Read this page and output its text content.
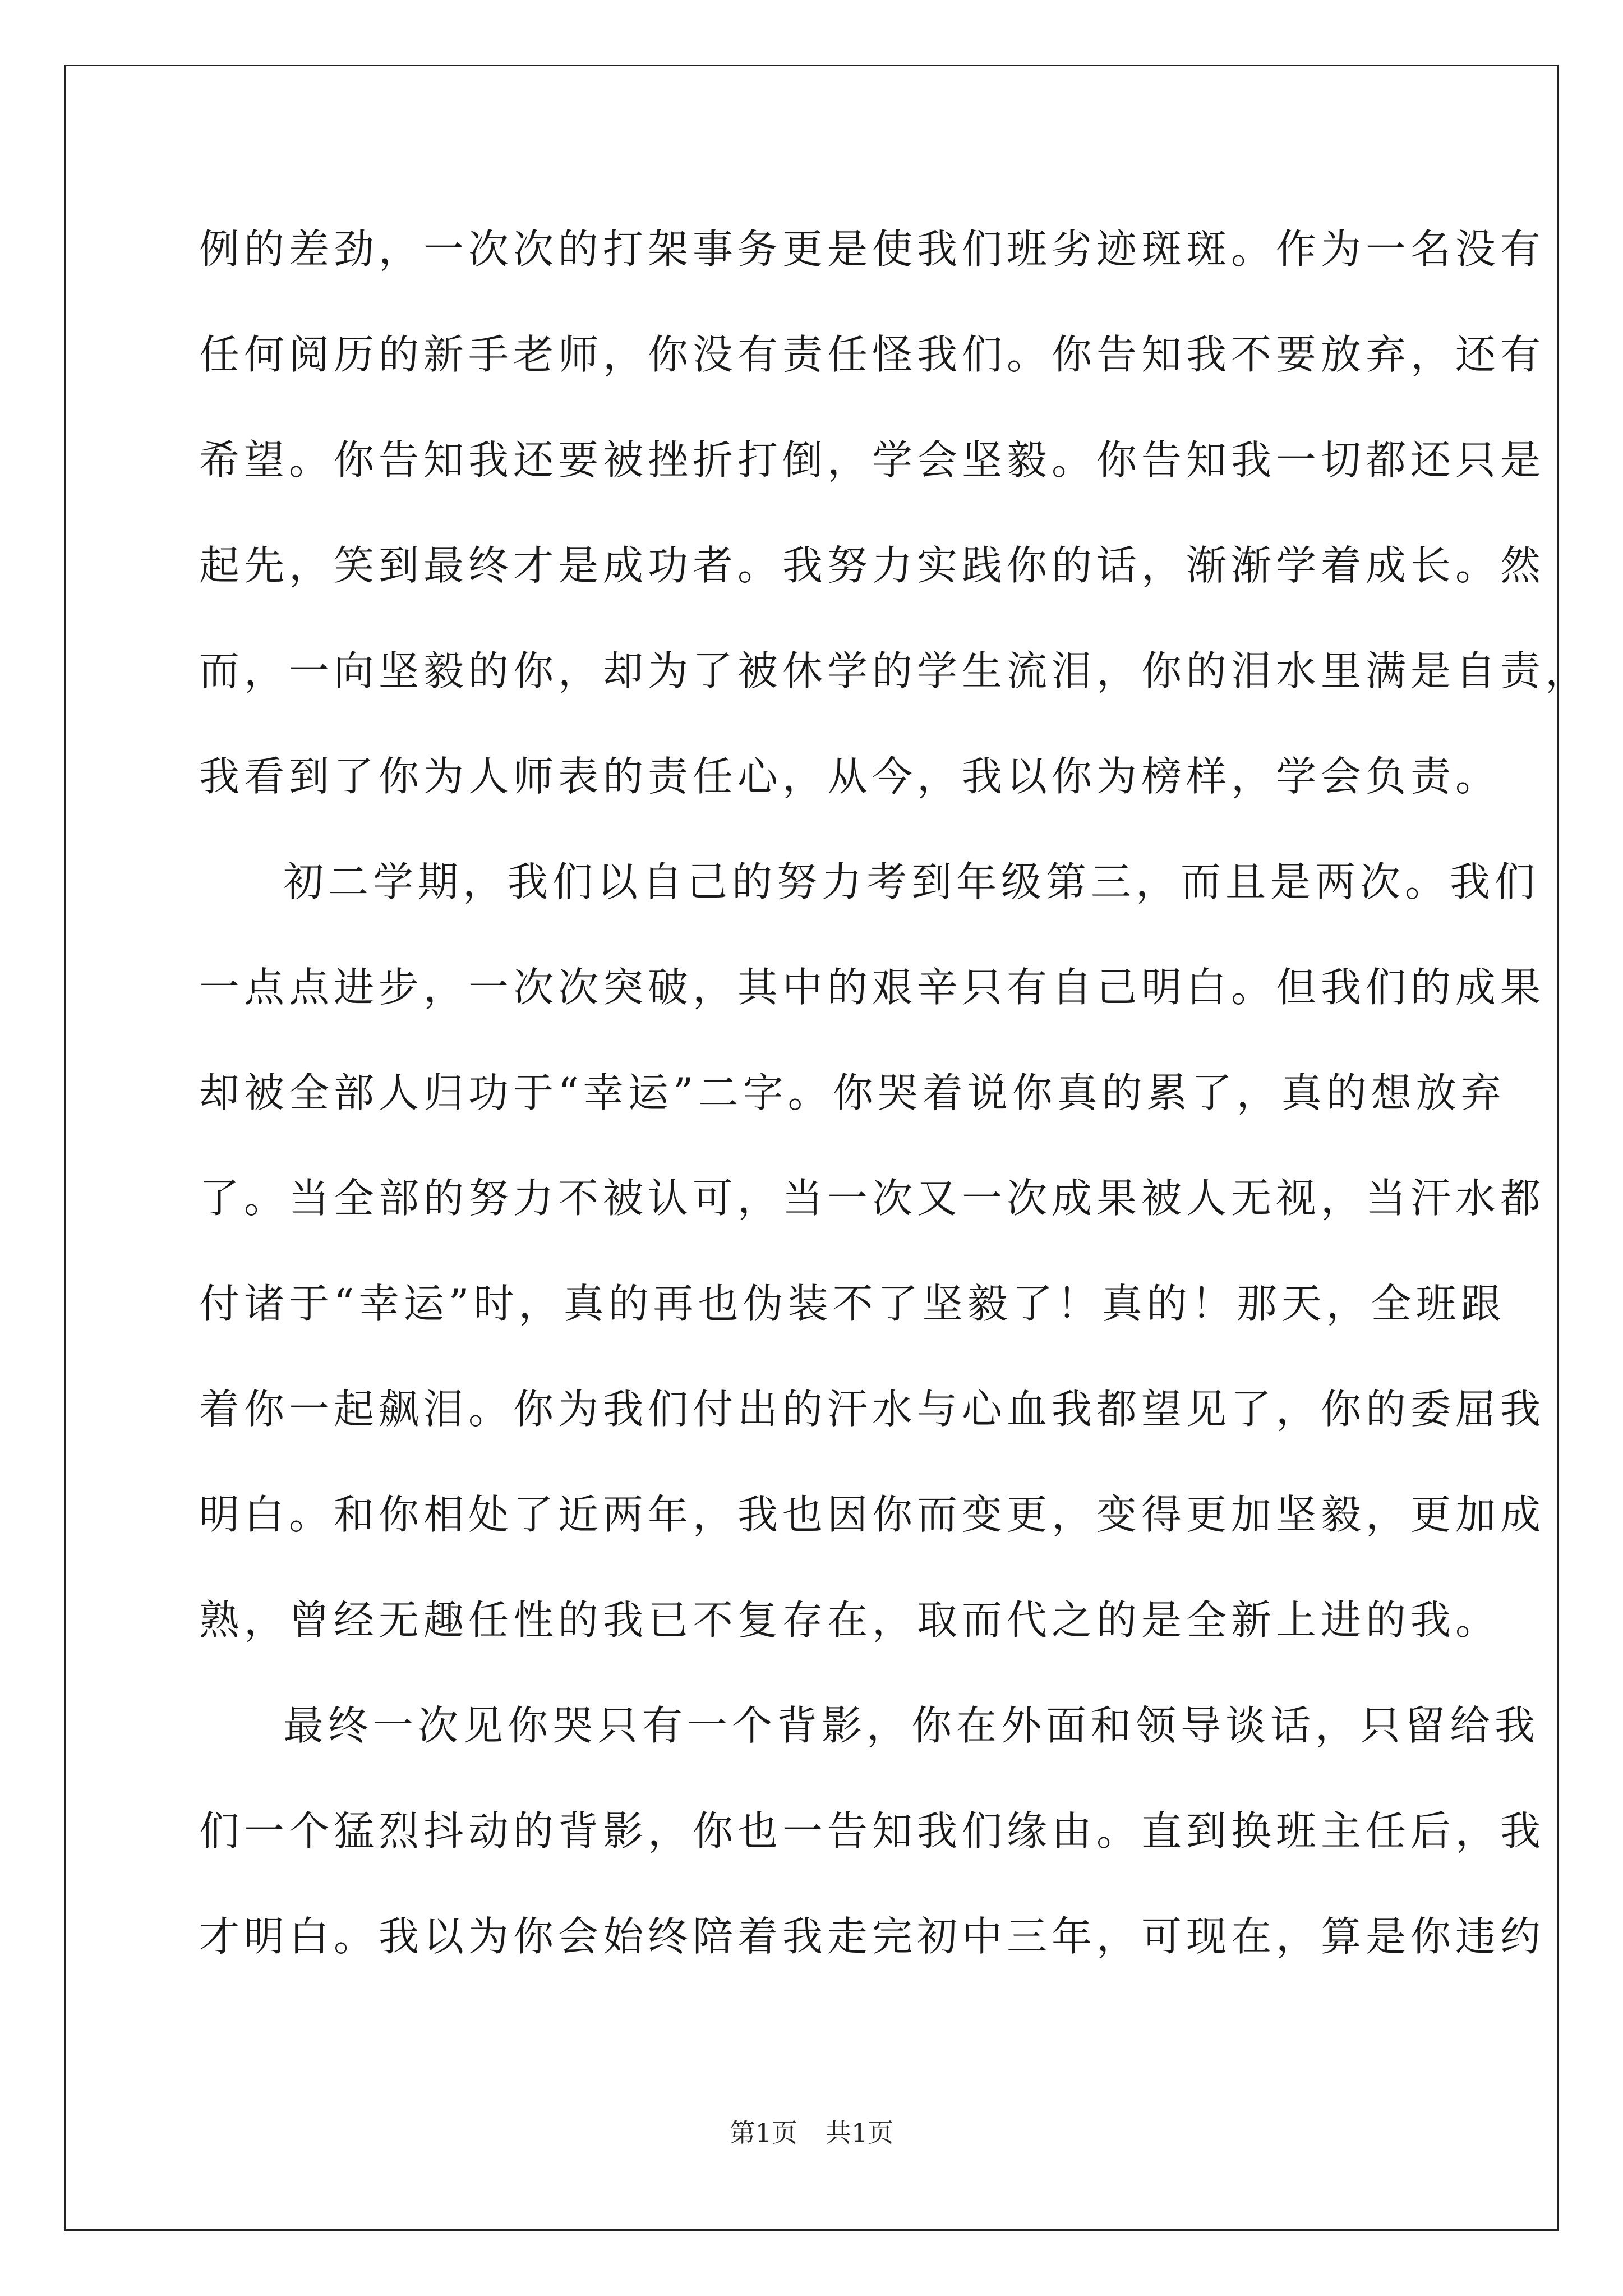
例的差劲，一次次的打架事务更是使我们班劣迹斑斑。作为一名没有
任何阅历的新手老师，你没有责任怪我们。你告知我不要放弃，还有
希望。你告知我还要被挫折打倒，学会坚毅。你告知我一切都还只是
起先，笑到最终才是成功者。我努力实践你的话，渐渐学着成长。然
而，一向坚毅的你，却为了被休学的学生流泪，你的泪水里满是自责，
我看到了你为人师表的责任心，从今，我以你为榜样，学会负责。
初二学期，我们以自己的努力考到年级第三，而且是两次。我们
一点点进步，一次次突破，其中的艰辛只有自己明白。但我们的成果
却被全部人归功于“幸运”二字。你哭着说你真的累了，真的想放弃
了。当全部的努力不被认可，当一次又一次成果被人无视，当汗水都
付诸于“幸运”时，真的再也伪装不了坚毅了！真的！那天，全班跟
着你一起飙泪。你为我们付出的汗水与心血我都望见了，你的委屈我
明白。和你相处了近两年，我也因你而变更，变得更加坚毅，更加成
熟，曾经无趣任性的我已不复存在，取而代之的是全新上进的我。
最终一次见你哭只有一个背影，你在外面和领导谈话，只留给我
们一个猛烈抖动的背影，你也一告知我们缘由。直到换班主任后，我
才明白。我以为你会始终陪着我走完初中三年，可现在，算是你违约
第1页 共1页
